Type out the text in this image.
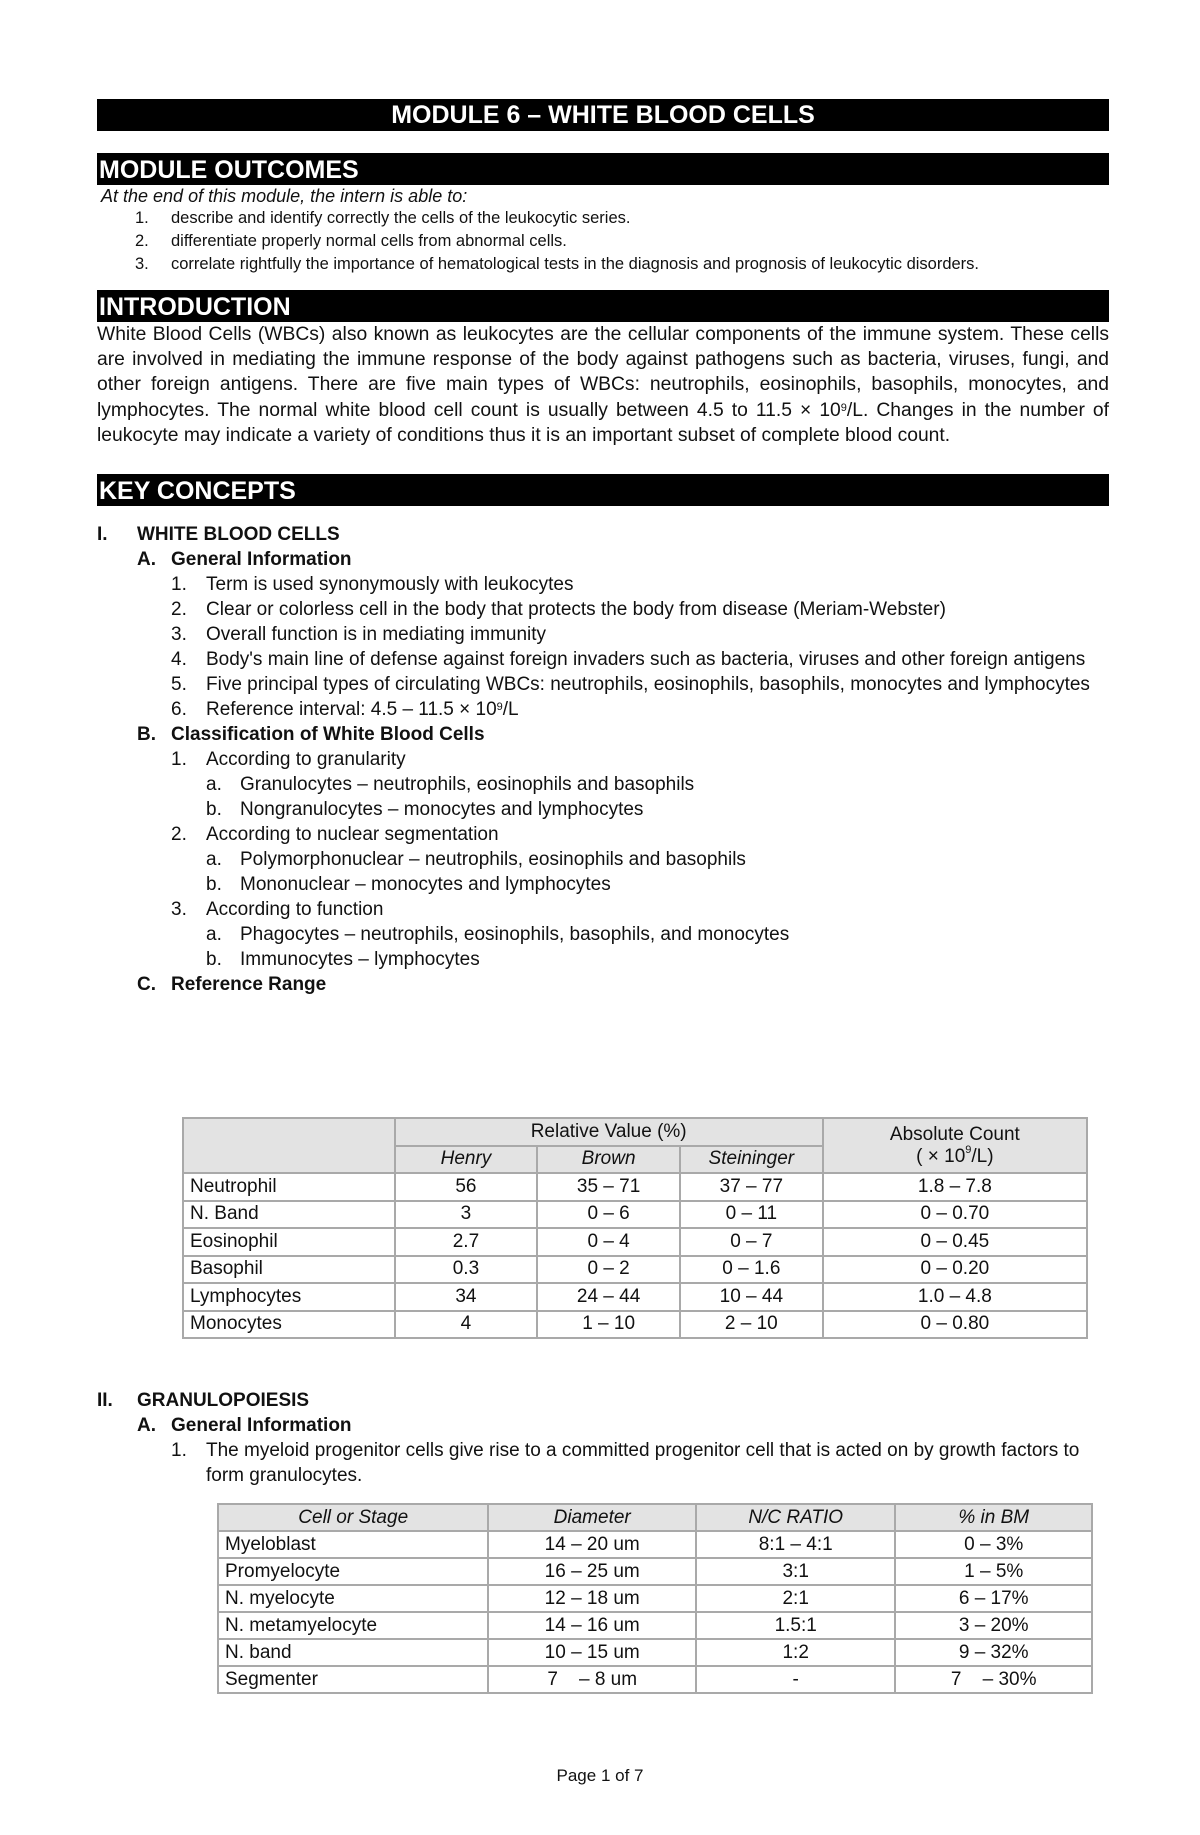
MODULE 6 – WHITE BLOOD CELLS
MODULE OUTCOMES
At the end of this module, the intern is able to:
1. describe and identify correctly the cells of the leukocytic series.
2. differentiate properly normal cells from abnormal cells.
3. correlate rightfully the importance of hematological tests in the diagnosis and prognosis of leukocytic disorders.
INTRODUCTION
White Blood Cells (WBCs) also known as leukocytes are the cellular components of the immune system. These cells are involved in mediating the immune response of the body against pathogens such as bacteria, viruses, fungi, and other foreign antigens. There are five main types of WBCs: neutrophils, eosinophils, basophils, monocytes, and lymphocytes. The normal white blood cell count is usually between 4.5 to $11.5 \times 10^9/L$. Changes in the number of leukocyte may indicate a variety of conditions thus it is an important subset of complete blood count.
KEY CONCEPTS
I. WHITE BLOOD CELLS
A. General Information
1. Term is used synonymously with leukocytes
2. Clear or colorless cell in the body that protects the body from disease (Meriam-Webster)
3. Overall function is in mediating immunity
4. Body's main line of defense against foreign invaders such as bacteria, viruses and other foreign antigens
5. Five principal types of circulating WBCs: neutrophils, eosinophils, basophils, monocytes and lymphocytes
6. Reference interval: $4.5 - 11.5 \times 10^9/L$
B. Classification of White Blood Cells
1. According to granularity
a. Granulocytes – neutrophils, eosinophils and basophils
b. Nongranulocytes – monocytes and lymphocytes
2. According to nuclear segmentation
a. Polymorphonuclear – neutrophils, eosinophils and basophils
b. Mononuclear – monocytes and lymphocytes
3. According to function
a. Phagocytes – neutrophils, eosinophils, basophils, and monocytes
b. Immunocytes – lymphocytes
C. Reference Range
	Relative Value (%)			Absolute Count
( × $10^9/L$)
	Henry	Brown	Steininger	
Neutrophil	56	35 – 71	37 – 77	1.8 – 7.8
N. Band	3	0 – 6	0 – 11	0 – 0.70
Eosinophil	2.7	0 – 4	0 – 7	0 – 0.45
Basophil	0.3	0 – 2	0 – 1.6	0 – 0.20
Lymphocytes	34	24 – 44	10 – 44	1.0 – 4.8
Monocytes	4	1 – 10	2 – 10	0 – 0.80
II. GRANULOPOIESIS
A. General Information
1. The myeloid progenitor cells give rise to a committed progenitor cell that is acted on by growth factors to form granulocytes.
Cell or Stage	Diameter	N/C RATIO	% in BM
Myeloblast	14 – 20 um	8:1 – 4:1	0 – 3%
Promyelocyte	16 – 25 um	3:1	1 – 5%
N. myelocyte	12 – 18 um	2:1	6 – 17%
N. metamyelocyte	14 – 16 um	1.5:1	3 – 20%
N. band	10 – 15 um	1:2	9 – 32%
Segmenter	7    – 8 um	-	7    – 30%
Page 1 of 7
